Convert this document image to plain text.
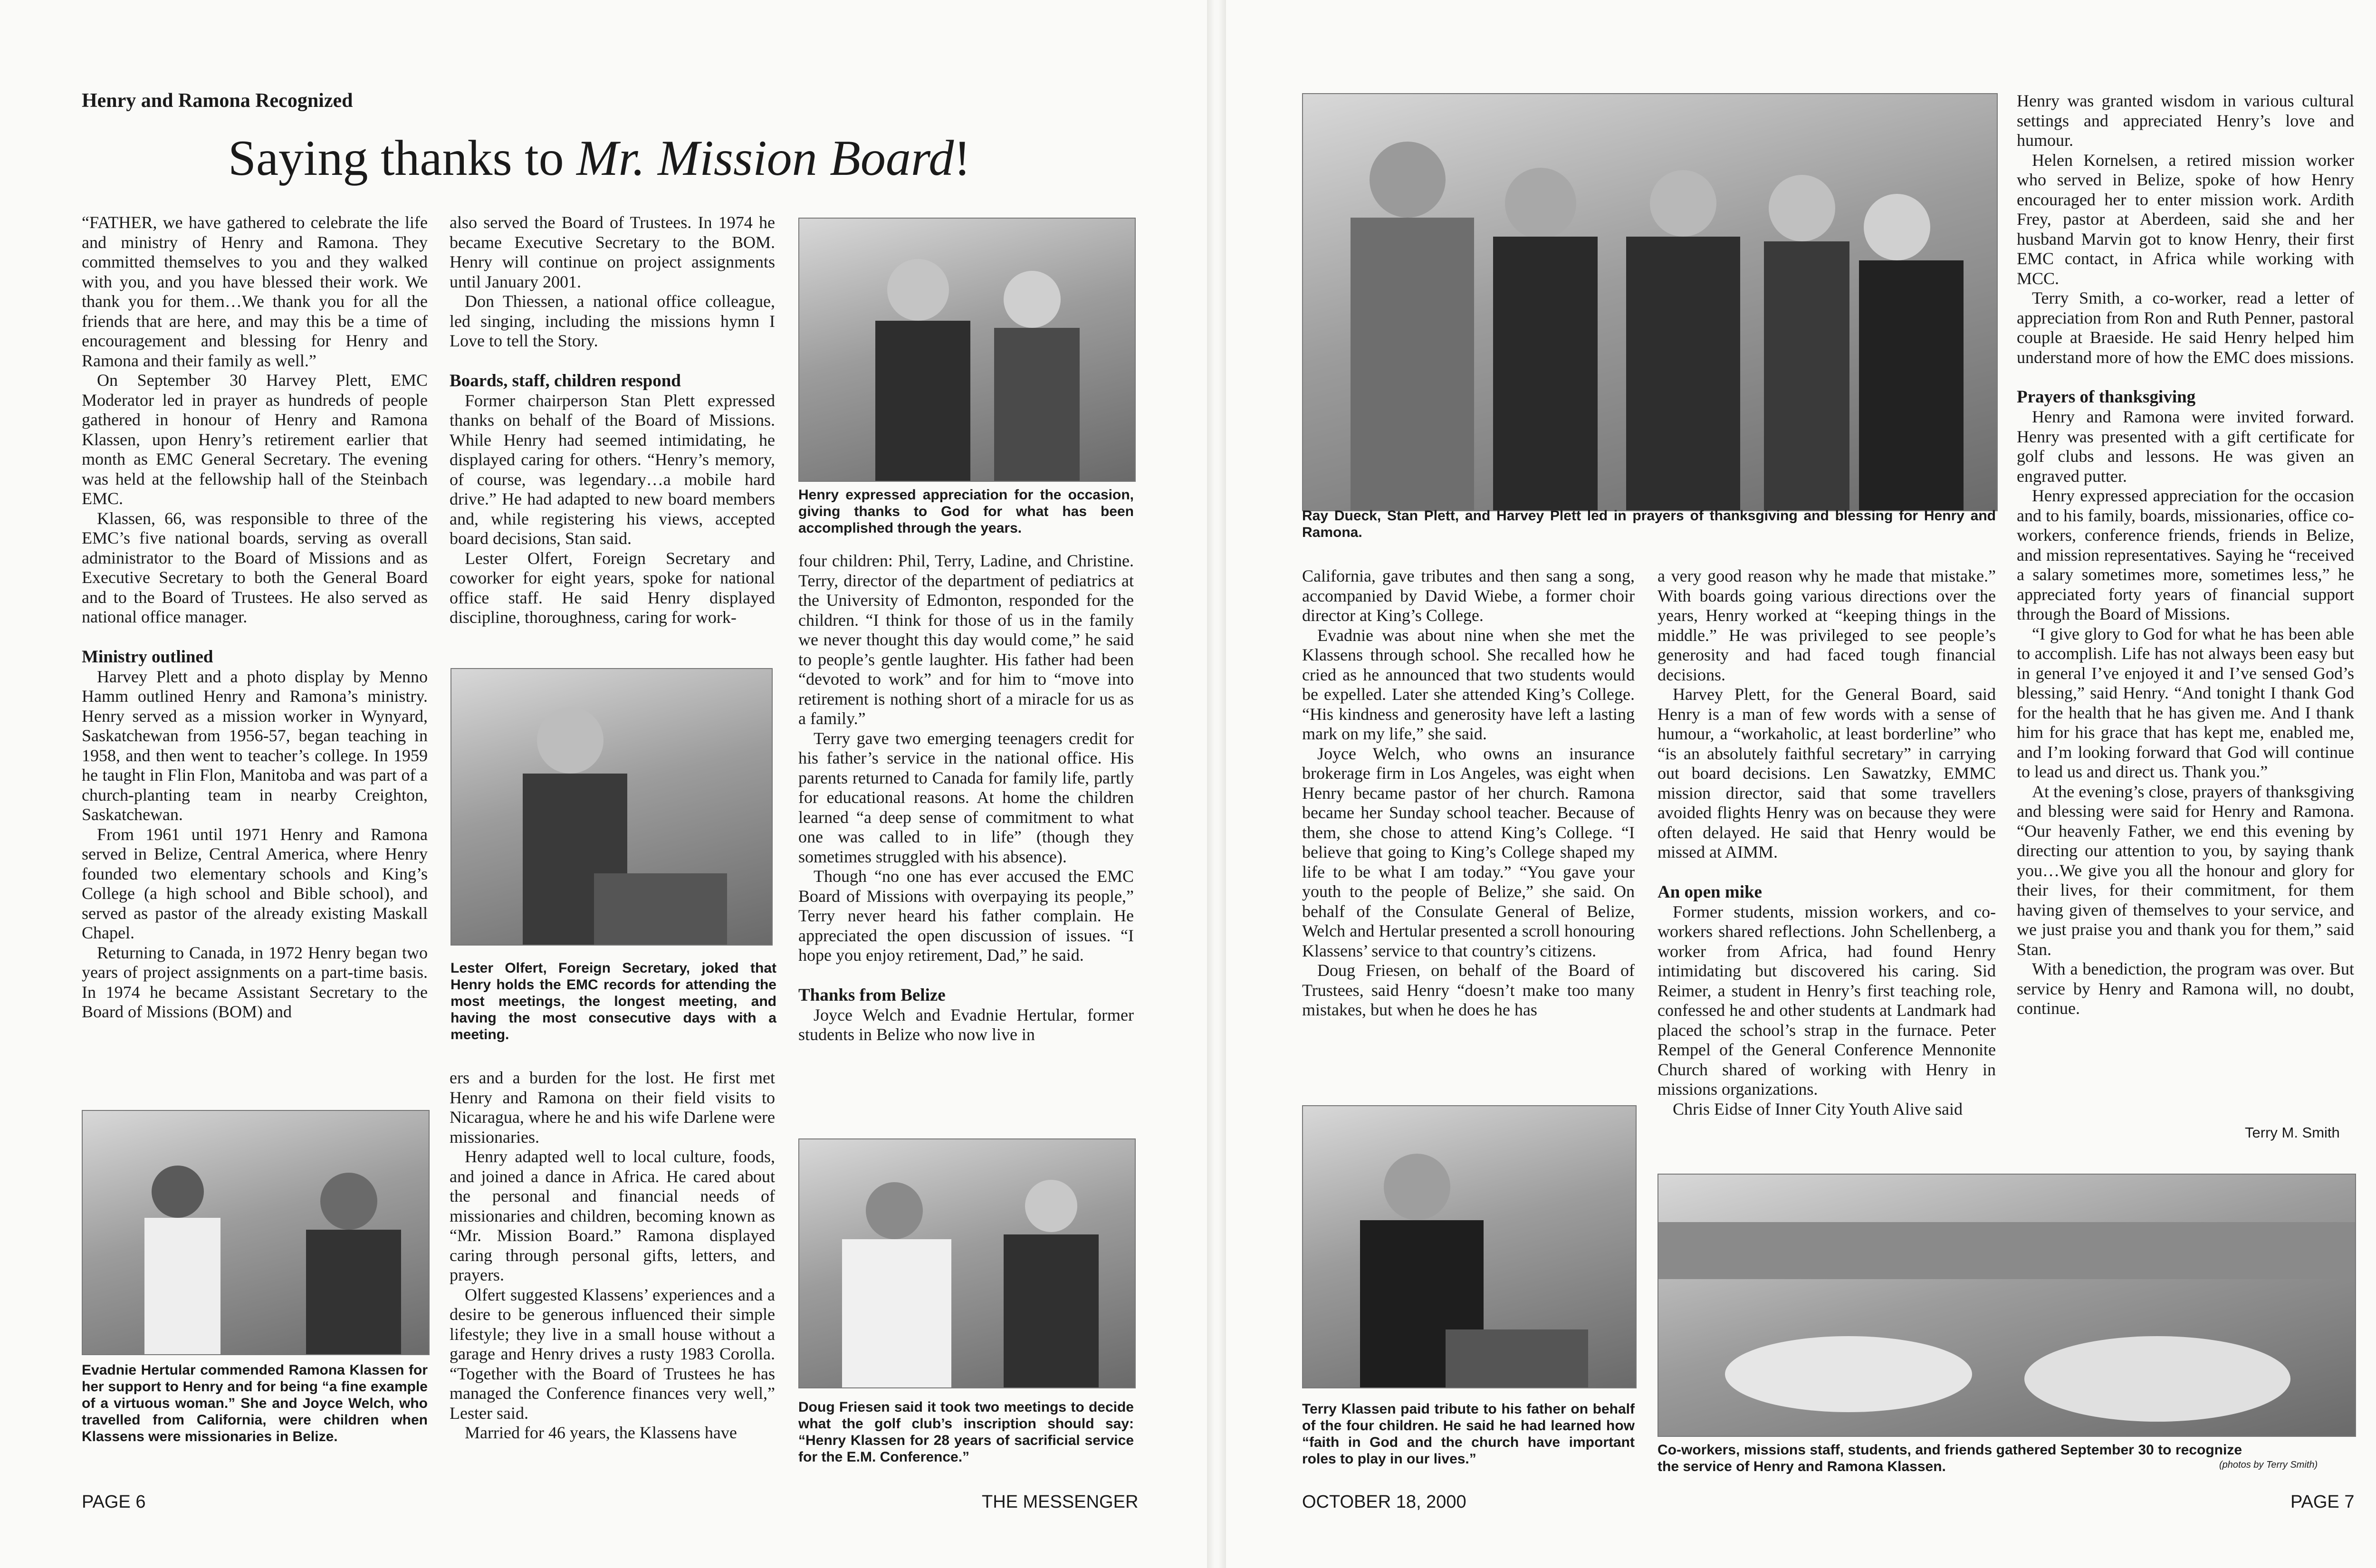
Henry and Ramona Recognized
Saying thanks to Mr. Mission Board!

“FATHER, we have gathered to celebrate the life and ministry of Henry and Ramona. They committed themselves to you and they walked with you, and you have blessed their work. We thank you for them…We thank you for all the friends that are here, and may this be a time of encouragement and blessing for Henry and Ramona and their family as well.”

On September 30 Harvey Plett, EMC Moderator led in prayer as hundreds of people gathered in honour of Henry and Ramona Klassen, upon Henry’s retirement earlier that month as EMC General Secretary. The evening was held at the fellowship hall of the Steinbach EMC.

Klassen, 66, was responsible to three of the EMC’s five national boards, serving as overall administrator to the Board of Missions and as Executive Secretary to both the General Board and to the Board of Trustees. He also served as national office manager.

Ministry outlined

Harvey Plett and a photo display by Menno Hamm outlined Henry and Ramona’s ministry. Henry served as a mission worker in Wynyard, Saskatchewan from 1956-57, began teaching in 1958, and then went to teacher’s college. In 1959 he taught in Flin Flon, Manitoba and was part of a church-planting team in nearby Creighton, Saskatchewan.

From 1961 until 1971 Henry and Ramona served in Belize, Central America, where Henry founded two elementary schools and King’s College (a high school and Bible school), and served as pastor of the already existing Maskall Chapel.

Returning to Canada, in 1972 Henry began two years of project assignments on a part-time basis. In 1974 he became Assistant Secretary to the Board of Missions (BOM) and

also served the Board of Trustees. In 1974 he became Executive Secretary to the BOM. Henry will continue on project assignments until January 2001.

Don Thiessen, a national office colleague, led singing, including the missions hymn I Love to tell the Story.

Boards, staff, children respond

Former chairperson Stan Plett expressed thanks on behalf of the Board of Missions. While Henry had seemed intimidating, he displayed caring for others. “Henry’s memory, of course, was legendary…a mobile hard drive.” He had adapted to new board members and, while registering his views, accepted board decisions, Stan said.

Lester Olfert, Foreign Secretary and coworker for eight years, spoke for national office staff. He said Henry displayed discipline, thoroughness, caring for work-

Lester Olfert, Foreign Secretary, joked that Henry holds the EMC records for attending the most meetings, the longest meeting, and having the most consecutive days with a meeting.

ers and a burden for the lost. He first met Henry and Ramona on their field visits to Nicaragua, where he and his wife Darlene were missionaries.

Henry adapted well to local culture, foods, and joined a dance in Africa. He cared about the personal and financial needs of missionaries and children, becoming known as “Mr. Mission Board.” Ramona displayed caring through personal gifts, letters, and prayers.

Olfert suggested Klassens’ experiences and a desire to be generous influenced their simple lifestyle; they live in a small house without a garage and Henry drives a rusty 1983 Corolla. “Together with the Board of Trustees he has managed the Conference finances very well,” Lester said.

Married for 46 years, the Klassens have

Henry expressed appreciation for the occasion, giving thanks to God for what has been accomplished through the years.

four children: Phil, Terry, Ladine, and Christine. Terry, director of the department of pediatrics at the University of Edmonton, responded for the children. “I think for those of us in the family we never thought this day would come,” he said to people’s gentle laughter. His father had been “devoted to work” and for him to “move into retirement is nothing short of a miracle for us as a family.”

Terry gave two emerging teenagers credit for his father’s service in the national office. His parents returned to Canada for family life, partly for educational reasons. At home the children learned “a deep sense of commitment to what one was called to in life” (though they sometimes struggled with his absence).

Though “no one has ever accused the EMC Board of Missions with overpaying its people,” Terry never heard his father complain. He appreciated the open discussion of issues. “I hope you enjoy retirement, Dad,” he said.

Thanks from Belize

Joyce Welch and Evadnie Hertular, former students in Belize who now live in

Evadnie Hertular commended Ramona Klassen for her support to Henry and for being “a fine example of a virtuous woman.” She and Joyce Welch, who travelled from California, were children when Klassens were missionaries in Belize.
Doug Friesen said it took two meetings to decide what the golf club’s inscription should say: “Henry Klassen for 28 years of sacrificial service for the E.M. Conference.”
PAGE 6	THE MESSENGER
Ray Dueck, Stan Plett, and Harvey Plett led in prayers of thanksgiving and blessing for Henry and Ramona.

California, gave tributes and then sang a song, accompanied by David Wiebe, a former choir director at King’s College.

Evadnie was about nine when she met the Klassens through school. She recalled how he cried as he announced that two students would be expelled. Later she attended King’s College. “His kindness and generosity have left a lasting mark on my life,” she said.

Joyce Welch, who owns an insurance brokerage firm in Los Angeles, was eight when Henry became pastor of her church. Ramona became her Sunday school teacher. Because of them, she chose to attend King’s College. “I believe that going to King’s College shaped my life to be what I am today.” “You gave your youth to the people of Belize,” she said. On behalf of the Consulate General of Belize, Welch and Hertular presented a scroll honouring Klassens’ service to that country’s citizens.

Doug Friesen, on behalf of the Board of Trustees, said Henry “doesn’t make too many mistakes, but when he does he has

a very good reason why he made that mistake.” With boards going various directions over the years, Henry worked at “keeping things in the middle.” He was privileged to see people’s generosity and had faced tough financial decisions.

Harvey Plett, for the General Board, said Henry is a man of few words with a sense of humour, a “workaholic, at least borderline” who “is an absolutely faithful secretary” in carrying out board decisions. Len Sawatzky, EMMC mission director, said that some travellers avoided flights Henry was on because they were often delayed. He said that Henry would be missed at AIMM.

An open mike

Former students, mission workers, and co-workers shared reflections. John Schellenberg, a worker from Africa, had found Henry intimidating but discovered his caring. Sid Reimer, a student in Henry’s first teaching role, confessed he and other students at Landmark had placed the school’s strap in the furnace. Peter Rempel of the General Conference Mennonite Church shared of working with Henry in missions organizations.

Chris Eidse of Inner City Youth Alive said

Henry was granted wisdom in various cultural settings and appreciated Henry’s love and humour.

Helen Kornelsen, a retired mission worker who served in Belize, spoke of how Henry encouraged her to enter mission work. Ardith Frey, pastor at Aberdeen, said she and her husband Marvin got to know Henry, their first EMC contact, in Africa while working with MCC.

Terry Smith, a co-worker, read a letter of appreciation from Ron and Ruth Penner, pastoral couple at Braeside. He said Henry helped him understand more of how the EMC does missions.

Prayers of thanksgiving

Henry and Ramona were invited forward. Henry was presented with a gift certificate for golf clubs and lessons. He was given an engraved putter.

Henry expressed appreciation for the occasion and to his family, boards, missionaries, office co-workers, conference friends, friends in Belize, and mission representatives. Saying he “received a salary sometimes more, sometimes less,” he appreciated forty years of financial support through the Board of Missions.

“I give glory to God for what he has been able to accomplish. Life has not always been easy but in general I’ve enjoyed it and I’ve sensed God’s blessing,” said Henry. “And tonight I thank God for the health that he has given me. And I thank him for his grace that has kept me, enabled me, and I’m looking forward that God will continue to lead us and direct us. Thank you.”

At the evening’s close, prayers of thanksgiving and blessing were said for Henry and Ramona. “Our heavenly Father, we end this evening by directing our attention to you, by saying thank you…We give you all the honour and glory for their lives, for their commitment, for them having given of themselves to your service, and we just praise you and thank you for them,” said Stan.

With a benediction, the program was over. But service by Henry and Ramona will, no doubt, continue.

Terry M. Smith
Terry Klassen paid tribute to his father on behalf of the four children. He said he had learned how “faith in God and the church have important roles to play in our lives.”
Co-workers, missions staff, students, and friends gathered September 30 to recognize the service of Henry and Ramona Klassen.	(photos by Terry Smith)
OCTOBER 18, 2000	PAGE 7
